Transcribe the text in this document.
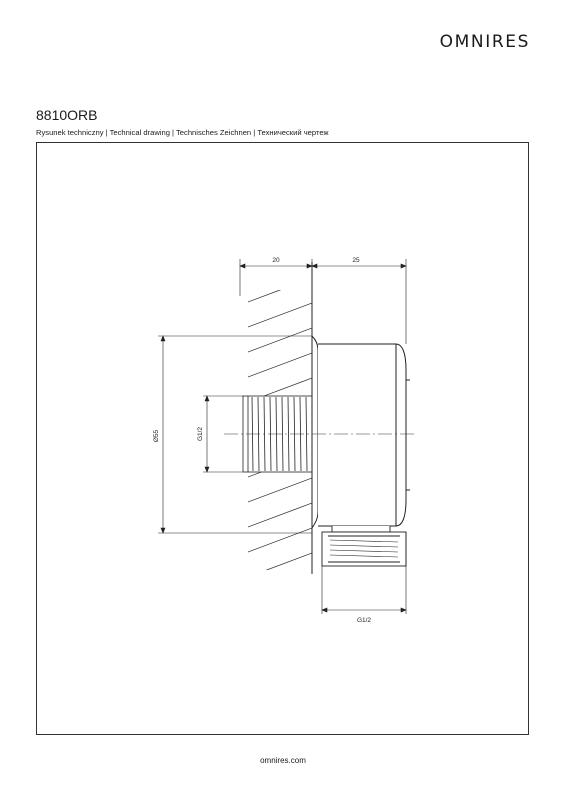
OMNIRES
8810ORB
Rysunek techniczny | Technical drawing | Technisches Zeichnen | Технический чертеж
20	25
Ø55	G1/2
G1/2
omnires.com
